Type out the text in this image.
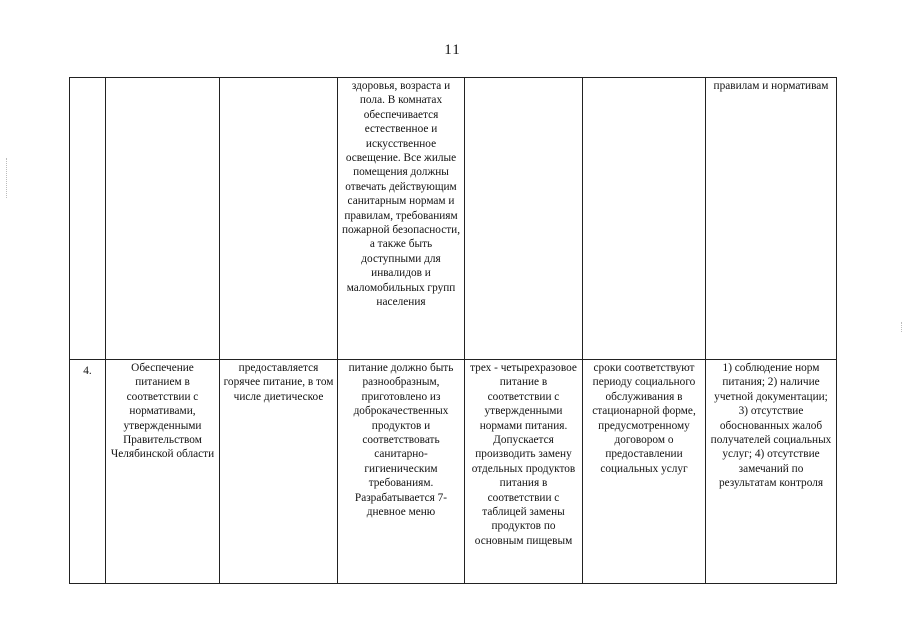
11
			здоровья, возраста и пола. В комнатах обеспечивается естественное и искусственное освещение. Все жилые помещения должны отвечать действующим санитарным нормам и правилам, требованиям пожарной безопасности, а также быть доступными для инвалидов и маломобильных групп населения			правилам и нормативам
4.	Обеспечение питанием в соответствии с нормативами, утвержденными Правительством Челябинской области	предоставляется горячее питание, в том числе диетическое	питание должно быть разнообразным, приготовлено из доброкачественных продуктов и соответствовать санитарно-гигиеническим требованиям. Разрабатывается 7-дневное меню	трех - четырехразовое питание в соответствии с утвержденными нормами питания. Допускается производить замену отдельных продуктов питания в соответствии с таблицей замены продуктов по основным пищевым	сроки соответствуют периоду социального обслуживания в стационарной форме, предусмотренному договором о предоставлении социальных услуг	1) соблюдение норм питания; 2) наличие учетной документации; 3) отсутствие обоснованных жалоб получателей социальных услуг; 4) отсутствие замечаний по результатам контроля
